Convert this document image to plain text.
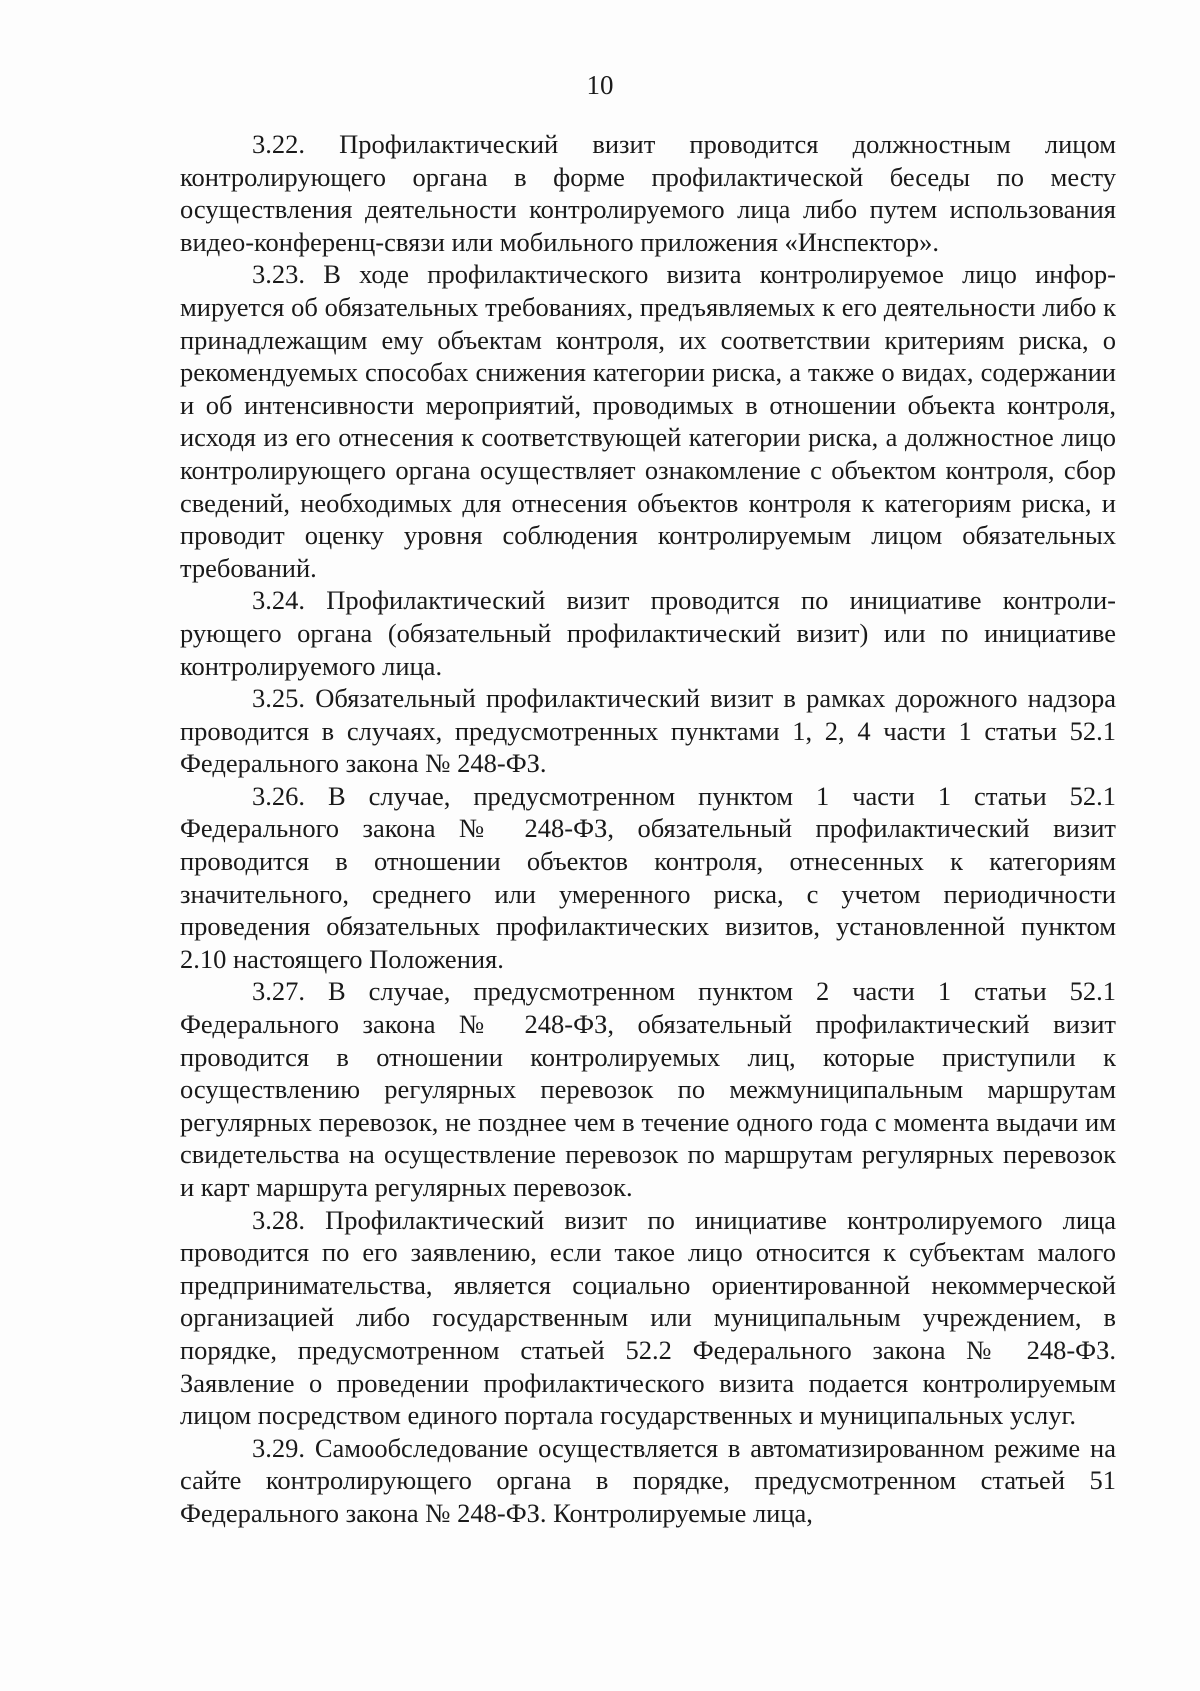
10

3.22. Профилактический визит проводится должностным лицом контролирующего органа в форме профилактической беседы по месту осуществления деятельности контролируемого лица либо путем использования видео-конференц-связи или мобильного приложения «Инспектор».

3.23. В ходе профилактического визита контролируемое лицо информируется об обязательных требованиях, предъявляемых к его деятельности либо к принадлежащим ему объектам контроля, их соответствии критериям риска, о рекомендуемых способах снижения категории риска, а также о видах, содержании и об интенсивности мероприятий, проводимых в отношении объекта контроля, исходя из его отнесения к соответствующей категории риска, а должностное лицо контролирующего органа осуществляет ознакомление с объектом контроля, сбор сведений, необходимых для отнесения объектов контроля к категориям риска, и проводит оценку уровня соблюдения контролируемым лицом обязательных требований.

3.24. Профилактический визит проводится по инициативе контролирующего органа (обязательный профилактический визит) или по инициативе контролируемого лица.

3.25. Обязательный профилактический визит в рамках дорожного надзора проводится в случаях, предусмотренных пунктами 1, 2, 4 части 1 статьи 52.1 Федерального закона № 248-ФЗ.

3.26. В случае, предусмотренном пунктом 1 части 1 статьи 52.1 Федерального закона № 248-ФЗ, обязательный профилактический визит проводится в отношении объектов контроля, отнесенных к категориям значительного, среднего или умеренного риска, с учетом периодичности проведения обязательных профилактических визитов, установленной пунктом 2.10 настоящего Положения.

3.27. В случае, предусмотренном пунктом 2 части 1 статьи 52.1 Федерального закона № 248-ФЗ, обязательный профилактический визит проводится в отношении контролируемых лиц, которые приступили к осуществлению регулярных перевозок по межмуниципальным маршрутам регулярных перевозок, не позднее чем в течение одного года с момента выдачи им свидетельства на осуществление перевозок по маршрутам регулярных перевозок и карт маршрута регулярных перевозок.

3.28. Профилактический визит по инициативе контролируемого лица проводится по его заявлению, если такое лицо относится к субъектам малого предпринимательства, является социально ориентированной некоммерческой организацией либо государственным или муниципальным учреждением, в порядке, предусмотренном статьей 52.2 Федерального закона № 248-ФЗ. Заявление о проведении профилактического визита подается контролируемым лицом посредством единого портала государственных и муниципальных услуг.

3.29. Самообследование осуществляется в автоматизированном режиме на сайте контролирующего органа в порядке, предусмотренном статьей 51 Федерального закона № 248-ФЗ. Контролируемые лица,
